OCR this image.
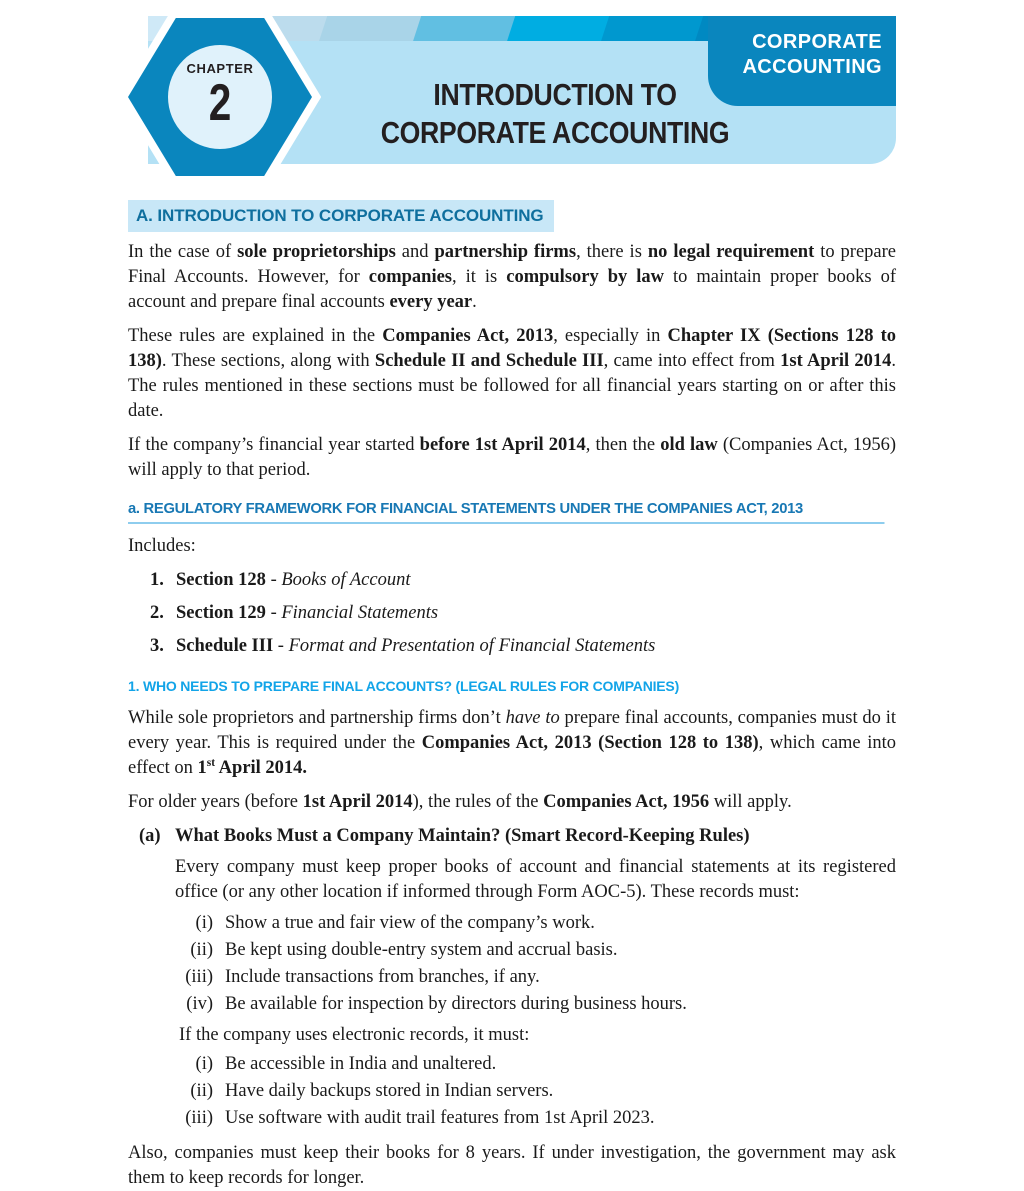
CORPORATE
ACCOUNTING
INTRODUCTION TO
CORPORATE ACCOUNTING
CHAPTER
2
A. INTRODUCTION TO CORPORATE ACCOUNTING

In the case of sole proprietorships and partnership firms, there is no legal requirement to prepare Final Accounts. However, for companies, it is compulsory by law to maintain proper books of account and prepare final accounts every year.

These rules are explained in the Companies Act, 2013, especially in Chapter IX (Sections 128 to 138). These sections, along with Schedule II and Schedule III, came into effect from 1st April 2014. The rules mentioned in these sections must be followed for all financial years starting on or after this date.

If the company’s financial year started before 1st April 2014, then the old law (Companies Act, 1956) will apply to that period.

a. REGULATORY FRAMEWORK FOR FINANCIAL STATEMENTS UNDER THE COMPANIES ACT, 2013

Includes:

1. Section 128 - Books of Account
2. Section 129 - Financial Statements
3. Schedule III - Format and Presentation of Financial Statements
1. WHO NEEDS TO PREPARE FINAL ACCOUNTS? (LEGAL RULES FOR COMPANIES)

While sole proprietors and partnership firms don’t have to prepare final accounts, companies must do it every year. This is required under the Companies Act, 2013 (Section 128 to 138), which came into effect on 1st April 2014.

For older years (before 1st April 2014), the rules of the Companies Act, 1956 will apply.

(a) What Books Must a Company Maintain? (Smart Record-Keeping Rules)
Every company must keep proper books of account and financial statements at its registered office (or any other location if informed through Form AOC-5). These records must:
(i) Show a true and fair view of the company’s work.
(ii) Be kept using double-entry system and accrual basis.
(iii) Include transactions from branches, if any.
(iv) Be available for inspection by directors during business hours.
If the company uses electronic records, it must:
(i) Be accessible in India and unaltered.
(ii) Have daily backups stored in Indian servers.
(iii) Use software with audit trail features from 1st April 2023.

Also, companies must keep their books for 8 years. If under investigation, the government may ask them to keep records for longer.
